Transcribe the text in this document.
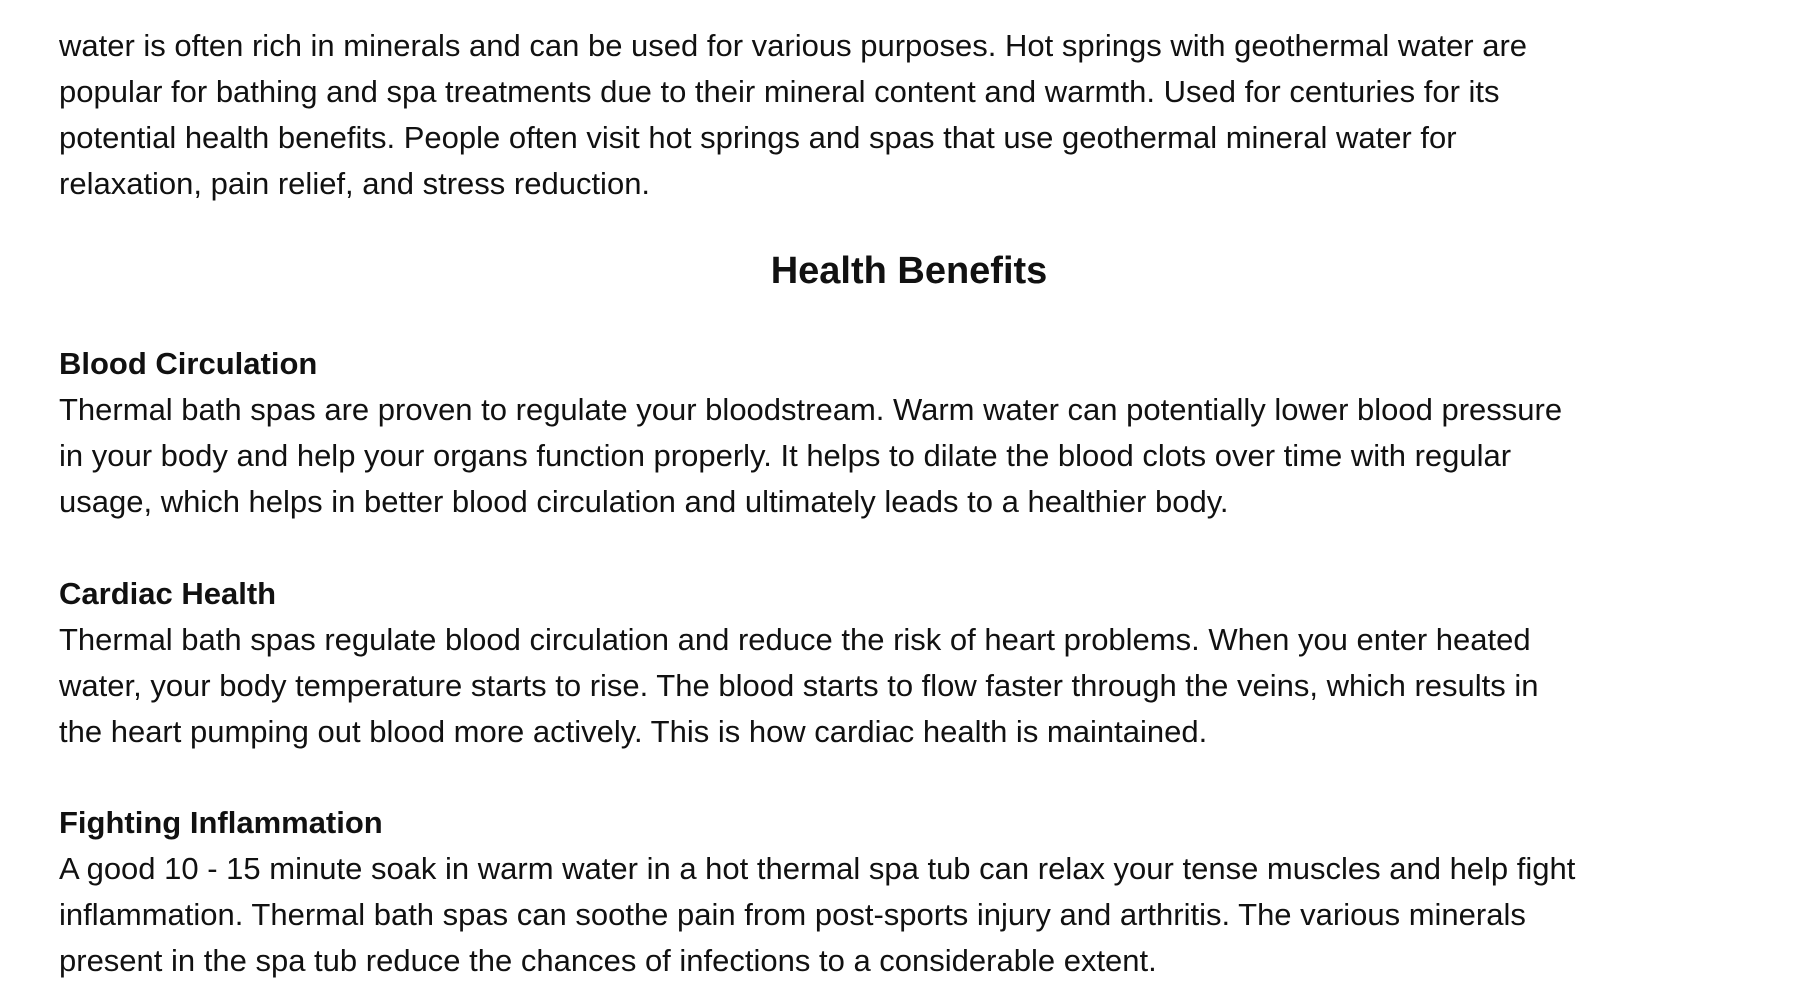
water is often rich in minerals and can be used for various purposes. Hot springs with geothermal water are
popular for bathing and spa treatments due to their mineral content and warmth. Used for centuries for its
potential health benefits. People often visit hot springs and spas that use geothermal mineral water for
relaxation, pain relief, and stress reduction.
Health Benefits
Blood Circulation

Thermal bath spas are proven to regulate your bloodstream. Warm water can potentially lower blood pressure
in your body and help your organs function properly. It helps to dilate the blood clots over time with regular
usage, which helps in better blood circulation and ultimately leads to a healthier body.

Cardiac Health

Thermal bath spas regulate blood circulation and reduce the risk of heart problems. When you enter heated
water, your body temperature starts to rise. The blood starts to flow faster through the veins, which results in
the heart pumping out blood more actively. This is how cardiac health is maintained.

Fighting Inflammation

A good 10 - 15 minute soak in warm water in a hot thermal spa tub can relax your tense muscles and help fight
inflammation. Thermal bath spas can soothe pain from post-sports injury and arthritis. The various minerals
present in the spa tub reduce the chances of infections to a considerable extent.
